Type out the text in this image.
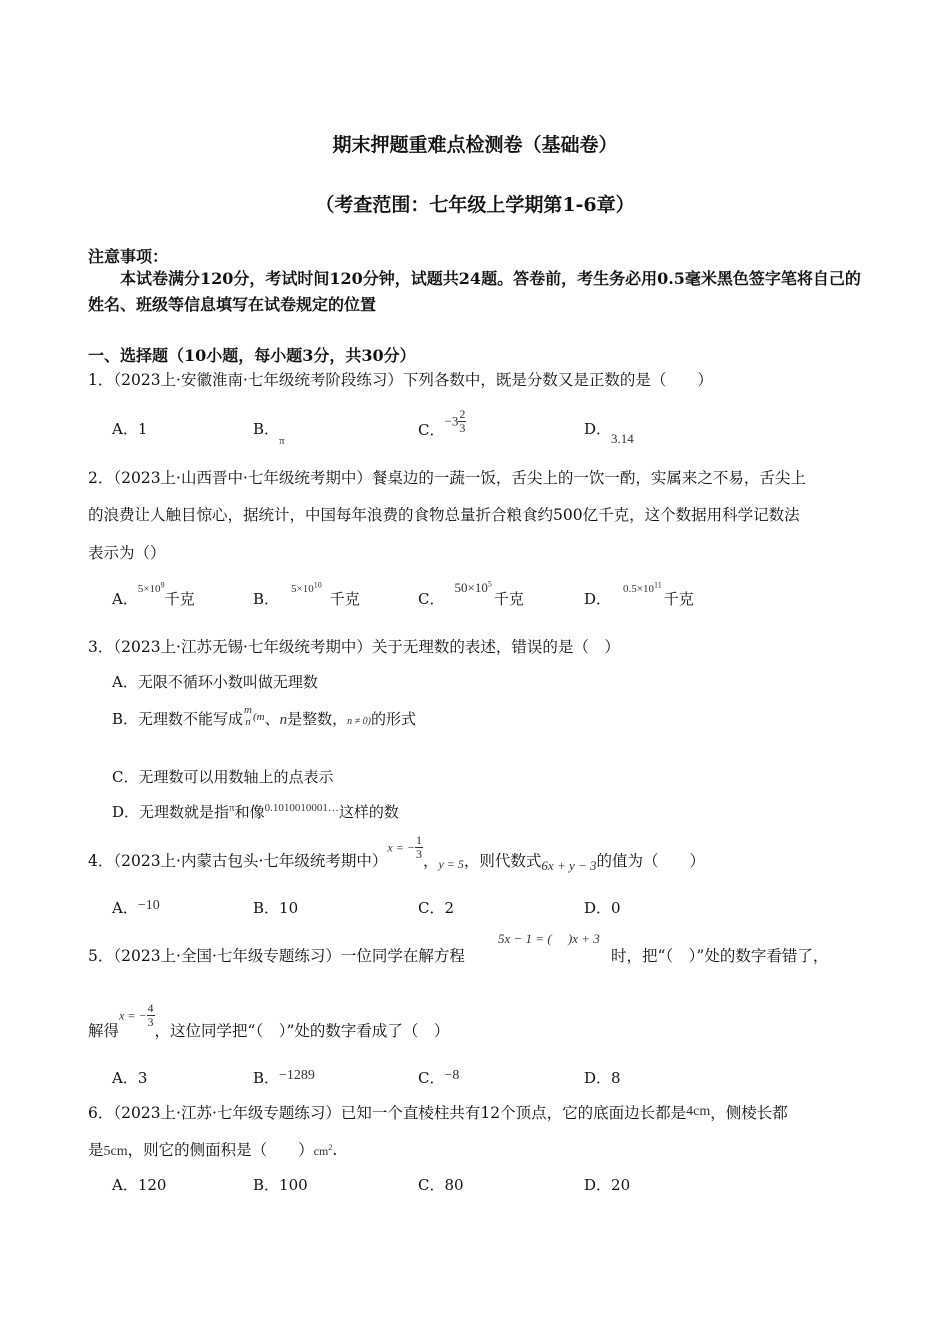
期末押题重难点检测卷（基础卷）
（考查范围：七年级上学期第1-6章）
注意事项：
本试卷满分120分，考试时间120分钟，试题共24题。答卷前，考生务必用0.5毫米黑色签字笔将自己的姓名、班级等信息填写在试卷规定的位置
一、选择题（10小题，每小题3分，共30分）
1．（2023上·安徽淮南·七年级统考阶段练习）下列各数中，既是分数又是正数的是（　　）
A．1	B．$_\pi$
C．$-3 \frac{2}{3}$	D．3.14
2．（2023上·山西晋中·七年级统考期中）餐桌边的一蔬一饭，舌尖上的一饮一酌，实属来之不易，舌尖上
的浪费让人触目惊心，据统计，中国每年浪费的食物总量折合粮食约500亿千克，这个数据用科学记数法
表示为（）
A．$5\times 10^9$千克	B．$5\times 10^{10}$千克	C．$50\times 10^5$千克	D．$0.5\times 10^{11}$千克
3．（2023上·江苏无锡·七年级统考期中）关于无理数的表述，错误的是（　）
A．无限不循环小数叫做无理数
B．无理数不能写成 m
n (m、n是整数，$_{n \ne 0)}$的形式
C．无理数可以用数轴上的点表示
D．无理数就是指$^\pi$和像$^{0.1010010001\dots}$这样的数
4．（2023上·内蒙古包头·七年级统考期中）x = − $\frac{1}{3}$ ，$_{y = 5}$，则代数式$_{6x + y - 3}$的值为（　　）
A．−10	B．10	C．2	D．0
5．（2023上·全国·七年级专题练习）一位同学在解方程
5x − 1 = (　 )x + 3
时，把“（　）”处的数字看错了，
解得x = − $\frac{4}{3}$
，这位同学把“（　）”处的数字看成了（　）
A．3	B．−1289	C．−8	D．8
6．（2023上·江苏·七年级专题练习）已知一个直棱柱共有12个顶点，它的底面边长都是4cm，侧棱长都
是5cm，则它的侧面积是（　　）$cm^2$.
A．120	B．100	C．80	D．20
